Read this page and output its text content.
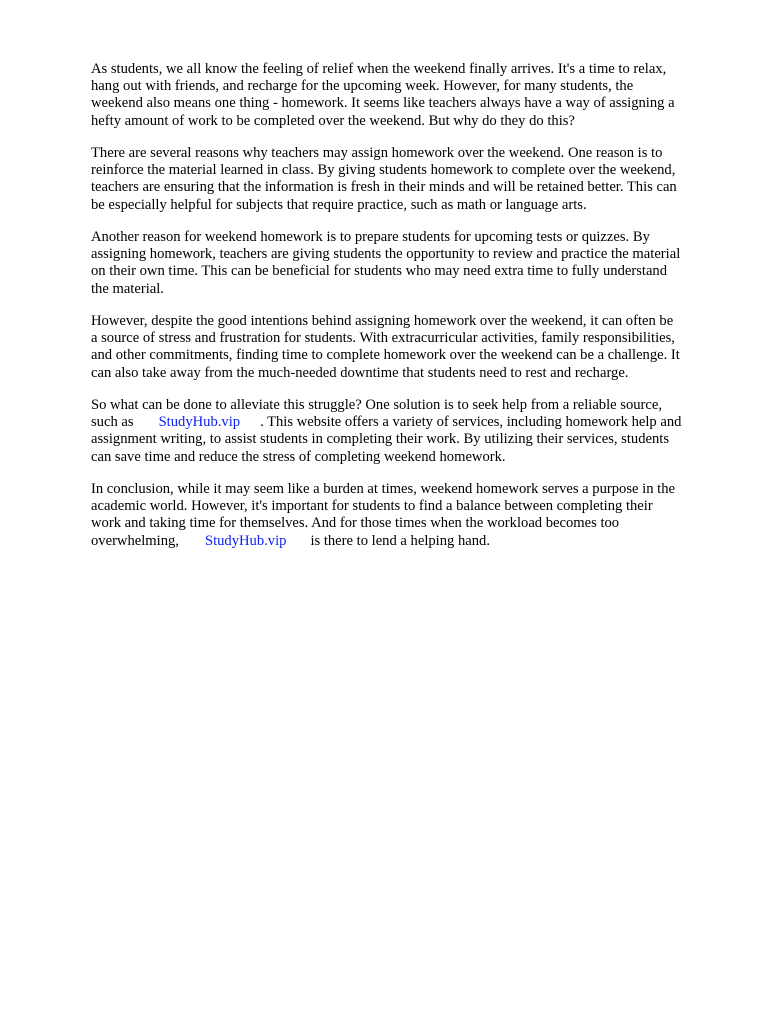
As students, we all know the feeling of relief when the weekend finally arrives. It's a time to relax,
hang out with friends, and recharge for the upcoming week. However, for many students, the
weekend also means one thing - homework. It seems like teachers always have a way of assigning a
hefty amount of work to be completed over the weekend. But why do they do this?

There are several reasons why teachers may assign homework over the weekend. One reason is to
reinforce the material learned in class. By giving students homework to complete over the weekend,
teachers are ensuring that the information is fresh in their minds and will be retained better. This can
be especially helpful for subjects that require practice, such as math or language arts.

Another reason for weekend homework is to prepare students for upcoming tests or quizzes. By
assigning homework, teachers are giving students the opportunity to review and practice the material
on their own time. This can be beneficial for students who may need extra time to fully understand
the material.

However, despite the good intentions behind assigning homework over the weekend, it can often be
a source of stress and frustration for students. With extracurricular activities, family responsibilities,
and other commitments, finding time to complete homework over the weekend can be a challenge. It
can also take away from the much-needed downtime that students need to rest and recharge.

So what can be done to alleviate this struggle? One solution is to seek help from a reliable source,
such as StudyHub.vip . This website offers a variety of services, including homework help and
assignment writing, to assist students in completing their work. By utilizing their services, students
can save time and reduce the stress of completing weekend homework.

In conclusion, while it may seem like a burden at times, weekend homework serves a purpose in the
academic world. However, it's important for students to find a balance between completing their
work and taking time for themselves. And for those times when the workload becomes too
overwhelming, StudyHub.vip is there to lend a helping hand.
